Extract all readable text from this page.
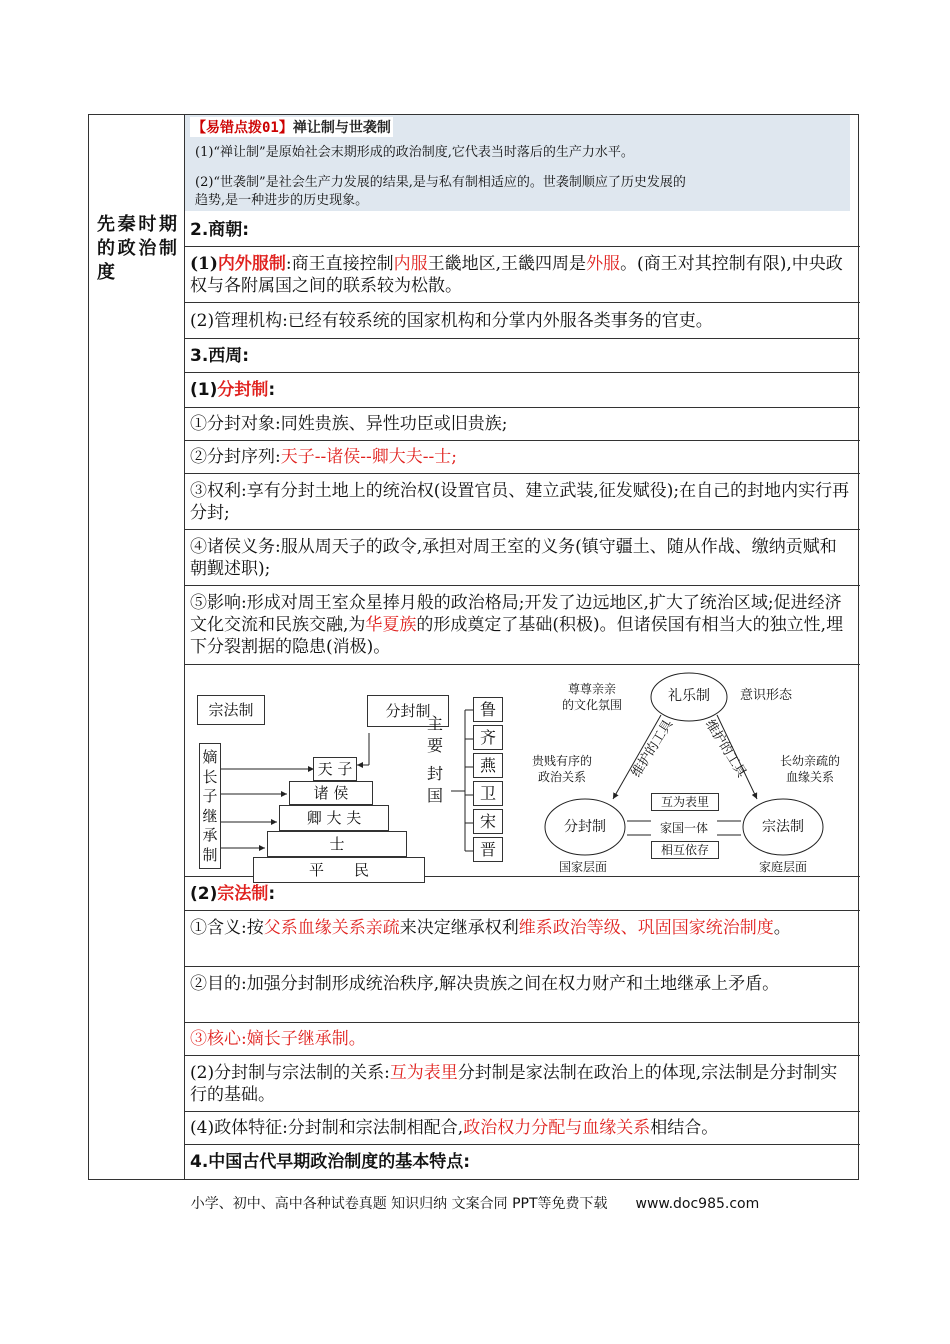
先秦时期的政治制度
【易错点拨01】禅让制与世袭制
(1)“禅让制”是原始社会末期形成的政治制度,它代表当时落后的生产力水平。
(2)“世袭制”是社会生产力发展的结果,是与私有制相适应的。世袭制顺应了历史发展的
趋势,是一种进步的历史现象。
2.商朝:
(1)内外服制:商王直接控制内服王畿地区,王畿四周是外服。(商王对其控制有限),中央政权与各附属国之间的联系较为松散。
(2)管理机构:已经有较系统的国家机构和分掌内外服各类事务的官吏。
3.西周:
(1)分封制:
①分封对象:同姓贵族、异性功臣或旧贵族;
②分封序列:天子--诸侯--卿大夫--士;
③权利:享有分封土地上的统治权(设置官员、建立武装,征发赋役);在自己的封地内实行再分封;
④诸侯义务:服从周天子的政令,承担对周王室的义务(镇守疆土、随从作战、缴纳贡赋和朝觐述职);
⑤影响:形成对周王室众星捧月般的政治格局;开发了边远地区,扩大了统治区域;促进经济文化交流和民族交融,为华夏族的形成奠定了基础(积极)。但诸侯国有相当大的独立性,埋下分裂割据的隐患(消极)。
宗法制	分封制
嫡
长
子
继
承
制
天 子
诸 侯
卿 大 夫
士
平　　民
主
要
封
国
鲁
齐
燕
卫
宋
晋
礼乐制
分封制	宗法制
尊尊亲亲
的文化氛围
意识形态
贵贱有序的
政治关系
长幼亲疏的
血缘关系
维护的工具	维护的工具
互为表里
家国一体
相互依存
国家层面	家庭层面
(2)宗法制:
①含义:按父系血缘关系亲疏来决定继承权利维系政治等级、巩固国家统治制度。
②目的:加强分封制形成统治秩序,解决贵族之间在权力财产和土地继承上矛盾。
③核心:嫡长子继承制。
(2)分封制与宗法制的关系:互为表里分封制是家法制在政治上的体现,宗法制是分封制实行的基础。
(4)政体特征:分封制和宗法制相配合,政治权力分配与血缘关系相结合。
4.中国古代早期政治制度的基本特点:
小学、初中、高中各种试卷真题 知识归纳 文案合同 PPT等免费下载　　www.doc985.com
